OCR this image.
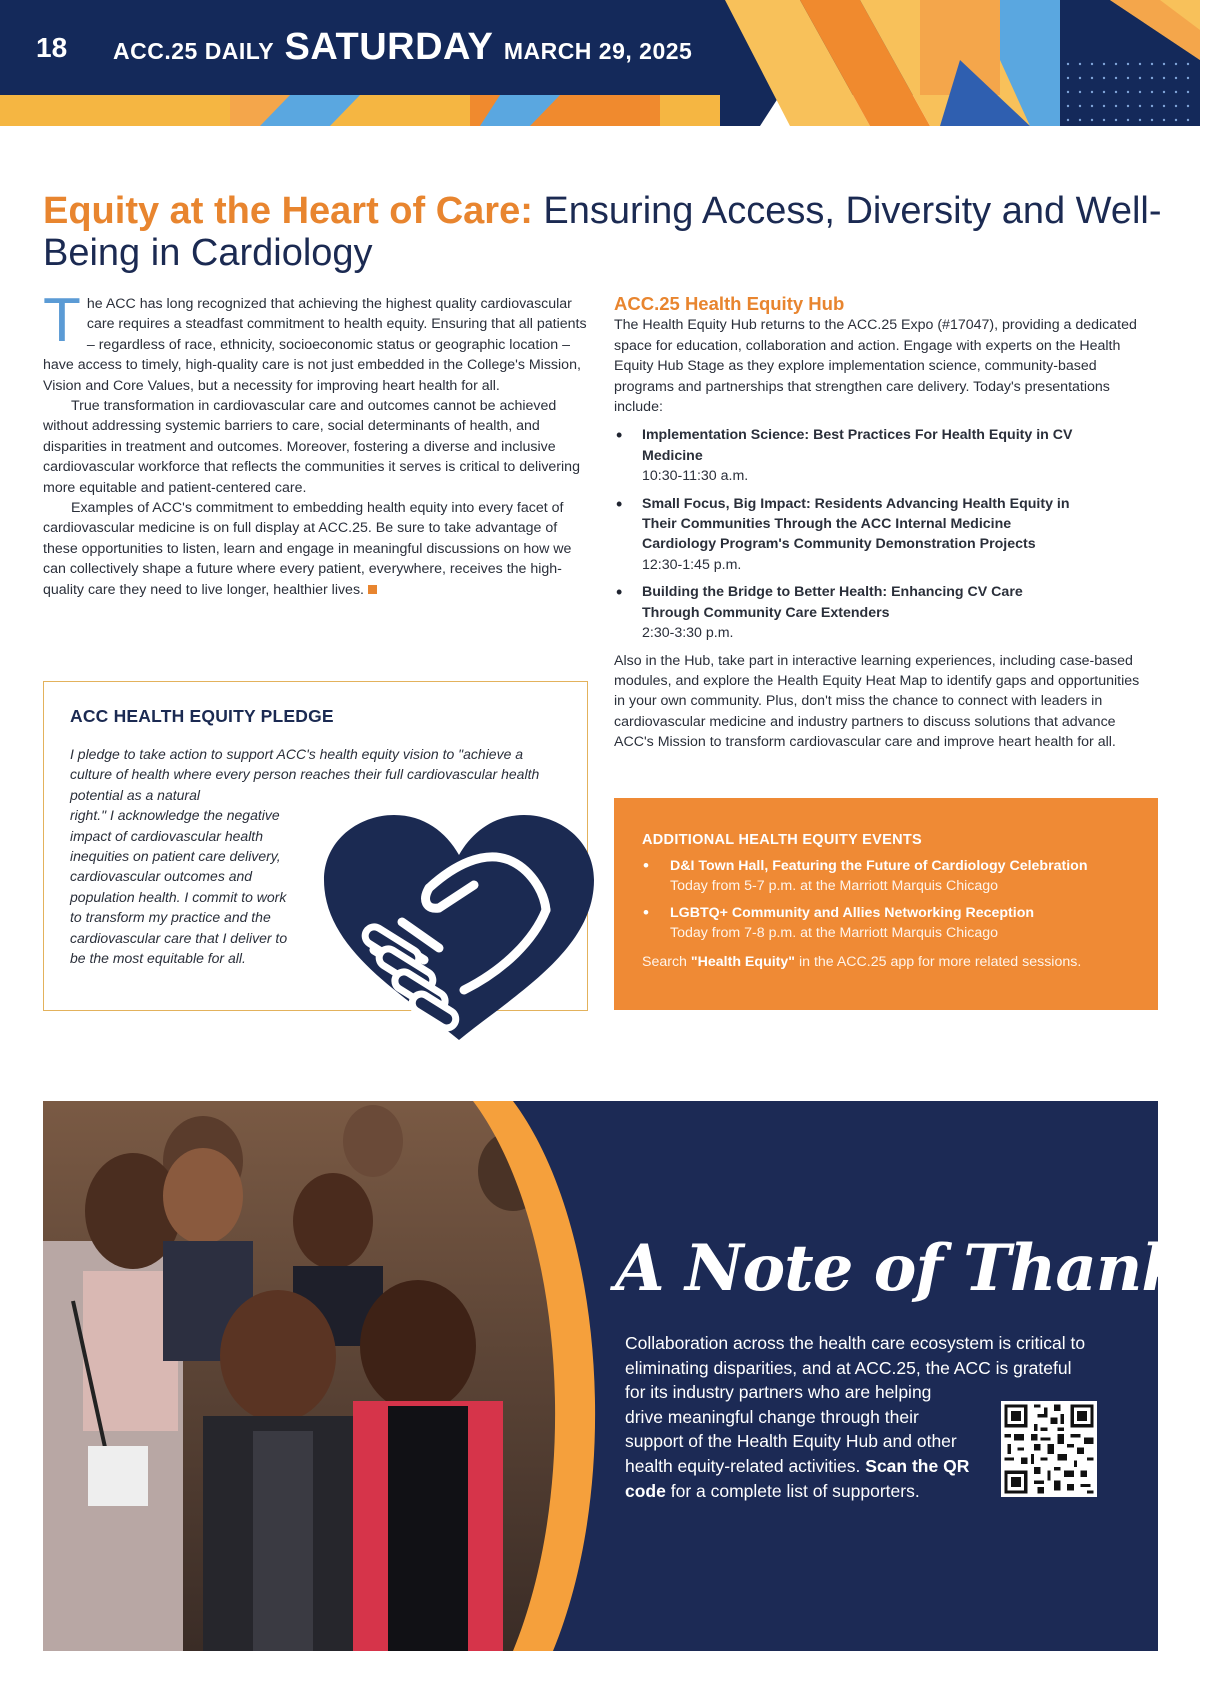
18 ACC.25 DAILY SATURDAY MARCH 29, 2025
Equity at the Heart of Care: Ensuring Access, Diversity and Well-Being in Cardiology

The ACC has long recognized that achieving the highest quality cardiovascular care requires a steadfast commitment to health equity. Ensuring that all patients – regardless of race, ethnicity, socioeconomic status or geographic location – have access to timely, high-quality care is not just embedded in the College's Mission, Vision and Core Values, but a necessity for improving heart health for all.

True transformation in cardiovascular care and outcomes cannot be achieved without addressing systemic barriers to care, social determinants of health, and disparities in treatment and outcomes. Moreover, fostering a diverse and inclusive cardiovascular workforce that reflects the communities it serves is critical to delivering more equitable and patient-centered care.

Examples of ACC's commitment to embedding health equity into every facet of cardiovascular medicine is on full display at ACC.25. Be sure to take advantage of these opportunities to listen, learn and engage in meaningful discussions on how we can collectively shape a future where every patient, everywhere, receives the high-quality care they need to live longer, healthier lives.

ACC HEALTH EQUITY PLEDGE
I pledge to take action to support ACC's health equity vision to "achieve a culture of health where every person reaches their full cardiovascular health potential as a natural
right." I acknowledge the negative impact of cardiovascular health inequities on patient care delivery, cardiovascular outcomes and population health. I commit to work to transform my practice and the cardiovascular care that I deliver to be the most equitable for all.
ACC.25 Health Equity Hub

The Health Equity Hub returns to the ACC.25 Expo (#17047), providing a dedicated space for education, collaboration and action. Engage with experts on the Health Equity Hub Stage as they explore implementation science, community-based programs and partnerships that strengthen care delivery. Today's presentations include:

• Implementation Science: Best Practices For Health Equity in CV Medicine
10:30-11:30 a.m.
• Small Focus, Big Impact: Residents Advancing Health Equity in Their Communities Through the ACC Internal Medicine Cardiology Program's Community Demonstration Projects
12:30-1:45 p.m.
• Building the Bridge to Better Health: Enhancing CV Care Through Community Care Extenders
2:30-3:30 p.m.

Also in the Hub, take part in interactive learning experiences, including case-based modules, and explore the Health Equity Heat Map to identify gaps and opportunities in your own community. Plus, don't miss the chance to connect with leaders in cardiovascular medicine and industry partners to discuss solutions that advance ACC's Mission to transform cardiovascular care and improve heart health for all.

ADDITIONAL HEALTH EQUITY EVENTS
• D&I Town Hall, Featuring the Future of Cardiology Celebration
Today from 5-7 p.m. at the Marriott Marquis Chicago
• LGBTQ+ Community and Allies Networking Reception
Today from 7-8 p.m. at the Marriott Marquis Chicago
Search "Health Equity" in the ACC.25 app for more related sessions.
A Note of Thanks
Collaboration across the health care ecosystem is critical to eliminating disparities, and at ACC.25, the ACC is grateful
for its industry partners who are helping drive meaningful change through their support of the Health Equity Hub and other health equity-related activities. Scan the QR code for a complete list of supporters.
